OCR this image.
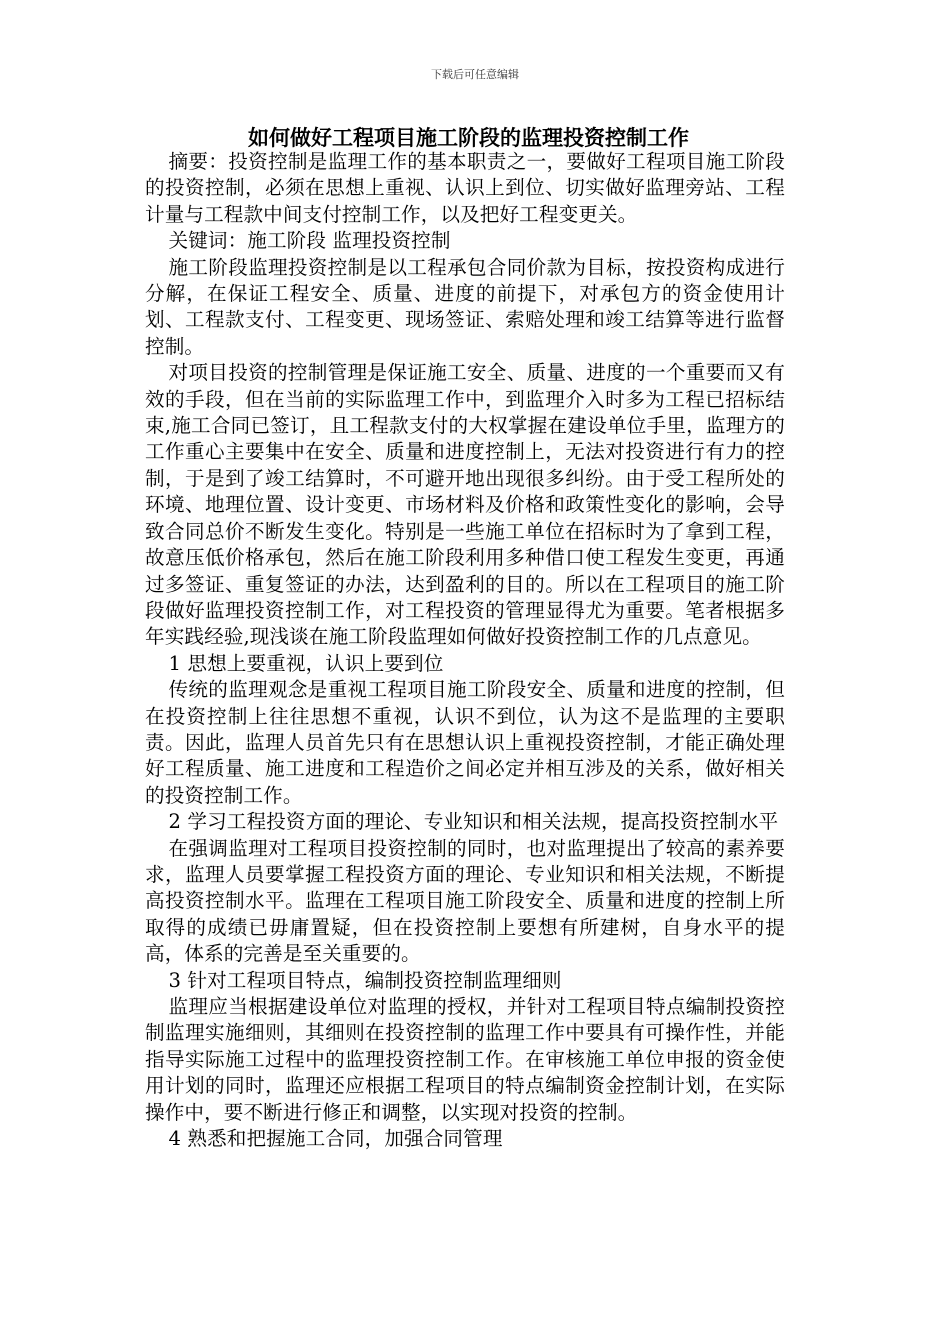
下载后可任意编辑
如何做好工程项目施工阶段的监理投资控制工作

摘要：投资控制是监理工作的基本职责之一，要做好工程项目施工阶段的投资控制，必须在思想上重视、认识上到位、切实做好监理旁站、工程计量与工程款中间支付控制工作，以及把好工程变更关。

关键词：施工阶段 监理投资控制

施工阶段监理投资控制是以工程承包合同价款为目标，按投资构成进行分解，在保证工程安全、质量、进度的前提下，对承包方的资金使用计划、工程款支付、工程变更、现场签证、索赔处理和竣工结算等进行监督控制。

对项目投资的控制管理是保证施工安全、质量、进度的一个重要而又有效的手段，但在当前的实际监理工作中，到监理介入时多为工程已招标结束,施工合同已签订，且工程款支付的大权掌握在建设单位手里，监理方的工作重心主要集中在安全、质量和进度控制上，无法对投资进行有力的控制，于是到了竣工结算时，不可避开地出现很多纠纷。由于受工程所处的环境、地理位置、设计变更、市场材料及价格和政策性变化的影响，会导致合同总价不断发生变化。特别是一些施工单位在招标时为了拿到工程，故意压低价格承包，然后在施工阶段利用多种借口使工程发生变更，再通过多签证、重复签证的办法，达到盈利的目的。所以在工程项目的施工阶段做好监理投资控制工作，对工程投资的管理显得尤为重要。笔者根据多年实践经验,现浅谈在施工阶段监理如何做好投资控制工作的几点意见。

1 思想上要重视，认识上要到位

传统的监理观念是重视工程项目施工阶段安全、质量和进度的控制，但在投资控制上往往思想不重视，认识不到位，认为这不是监理的主要职责。因此，监理人员首先只有在思想认识上重视投资控制，才能正确处理好工程质量、施工进度和工程造价之间必定并相互涉及的关系，做好相关的投资控制工作。

2 学习工程投资方面的理论、专业知识和相关法规，提高投资控制水平

在强调监理对工程项目投资控制的同时，也对监理提出了较高的素养要求，监理人员要掌握工程投资方面的理论、专业知识和相关法规，不断提高投资控制水平。监理在工程项目施工阶段安全、质量和进度的控制上所取得的成绩已毋庸置疑，但在投资控制上要想有所建树，自身水平的提高，体系的完善是至关重要的。

3 针对工程项目特点，编制投资控制监理细则

监理应当根据建设单位对监理的授权，并针对工程项目特点编制投资控制监理实施细则，其细则在投资控制的监理工作中要具有可操作性，并能指导实际施工过程中的监理投资控制工作。在审核施工单位申报的资金使用计划的同时，监理还应根据工程项目的特点编制资金控制计划，在实际操作中，要不断进行修正和调整，以实现对投资的控制。

4 熟悉和把握施工合同，加强合同管理
